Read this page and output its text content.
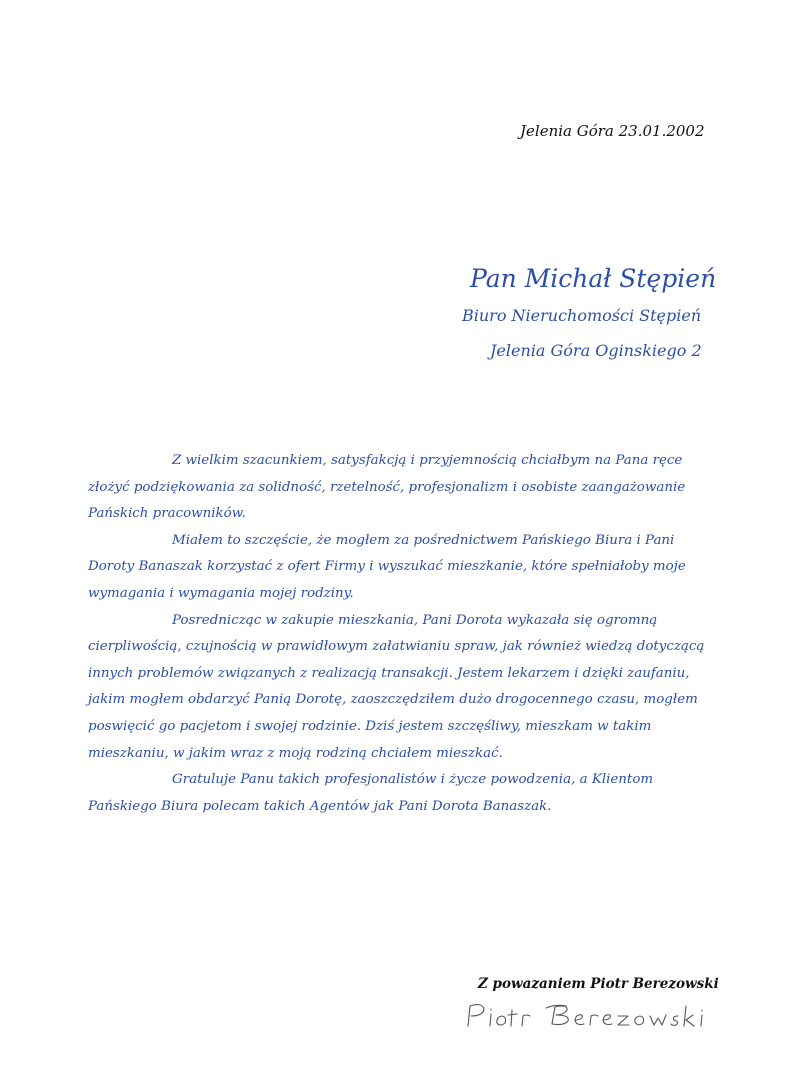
Jelenia Góra 23.01.2002
Pan Michał Stępień
Biuro Nieruchomości Stępień
Jelenia Góra Oginskiego 2

Z wielkim szacunkiem, satysfakcją i przyjemnością chciałbym na Pana ręce złożyć podziękowania za solidność, rzetelność, profesjonalizm i osobiste zaangażowanie Pańskich pracowników.

Miałem to szczęście, że mogłem za pośrednictwem Pańskiego Biura i Pani Doroty Banaszak korzystać z ofert Firmy i wyszukać mieszkanie, które spełniałoby moje wymagania i wymagania mojej rodziny.

Posrednicząc w zakupie mieszkania, Pani Dorota wykazała się ogromną cierpliwością, czujnością w prawidłowym załatwianiu spraw, jak również wiedzą dotyczącą innych problemów związanych z realizacją transakcji. Jestem lekarzem i dzięki zaufaniu, jakim mogłem obdarzyć Panią Dorotę, zaoszczędziłem dużo drogocennego czasu, mogłem poswięcić go pacjetom i swojej rodzinie. Dziś jestem szczęśliwy, mieszkam w takim mieszkaniu, w jakim wraz z moją rodziną chciałem mieszkać.

Gratuluje Panu takich profesjonalistów i życze powodzenia, a Klientom Pańskiego Biura polecam takich Agentów jak Pani Dorota Banaszak.

Z powazaniem Piotr Berezowski
